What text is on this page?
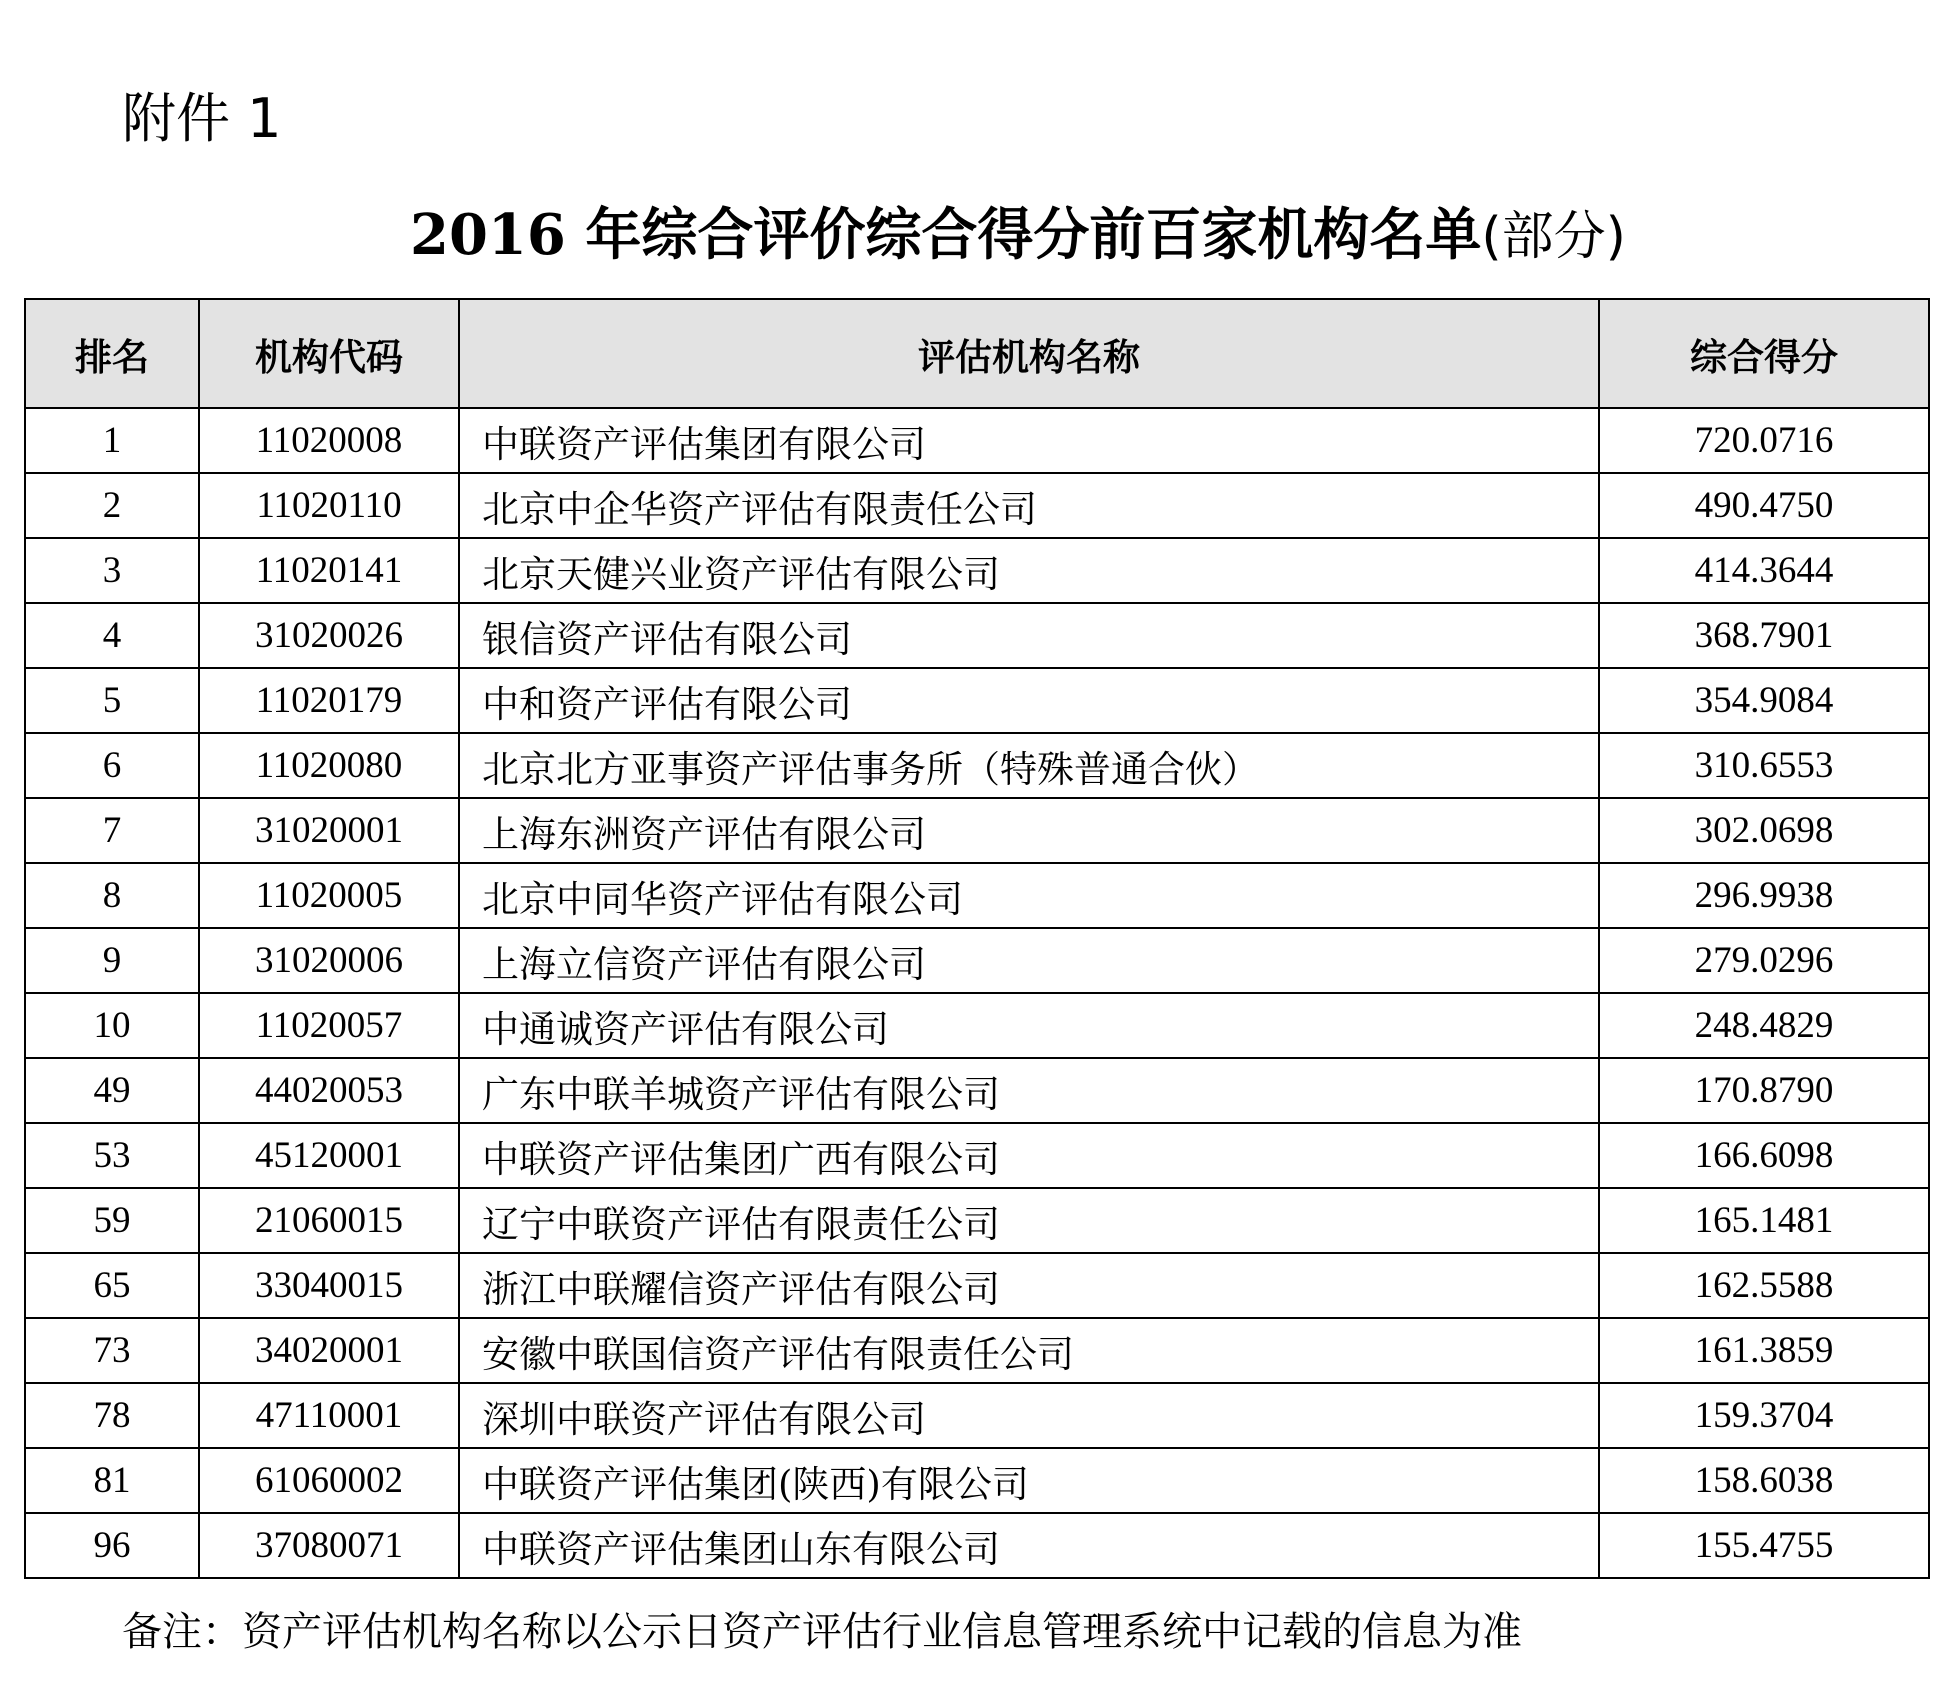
附件 1

2016 年综合评价综合得分前百家机构名单(部分)
排名	机构代码	评估机构名称	综合得分
1	11020008	中联资产评估集团有限公司	720.0716
2	11020110	北京中企华资产评估有限责任公司	490.4750
3	11020141	北京天健兴业资产评估有限公司	414.3644
4	31020026	银信资产评估有限公司	368.7901
5	11020179	中和资产评估有限公司	354.9084
6	11020080	北京北方亚事资产评估事务所（特殊普通合伙）	310.6553
7	31020001	上海东洲资产评估有限公司	302.0698
8	11020005	北京中同华资产评估有限公司	296.9938
9	31020006	上海立信资产评估有限公司	279.0296
10	11020057	中通诚资产评估有限公司	248.4829
49	44020053	广东中联羊城资产评估有限公司	170.8790
53	45120001	中联资产评估集团广西有限公司	166.6098
59	21060015	辽宁中联资产评估有限责任公司	165.1481
65	33040015	浙江中联耀信资产评估有限公司	162.5588
73	34020001	安徽中联国信资产评估有限责任公司	161.3859
78	47110001	深圳中联资产评估有限公司	159.3704
81	61060002	中联资产评估集团(陕西)有限公司	158.6038
96	37080071	中联资产评估集团山东有限公司	155.4755

备注：资产评估机构名称以公示日资产评估行业信息管理系统中记载的信息为准
